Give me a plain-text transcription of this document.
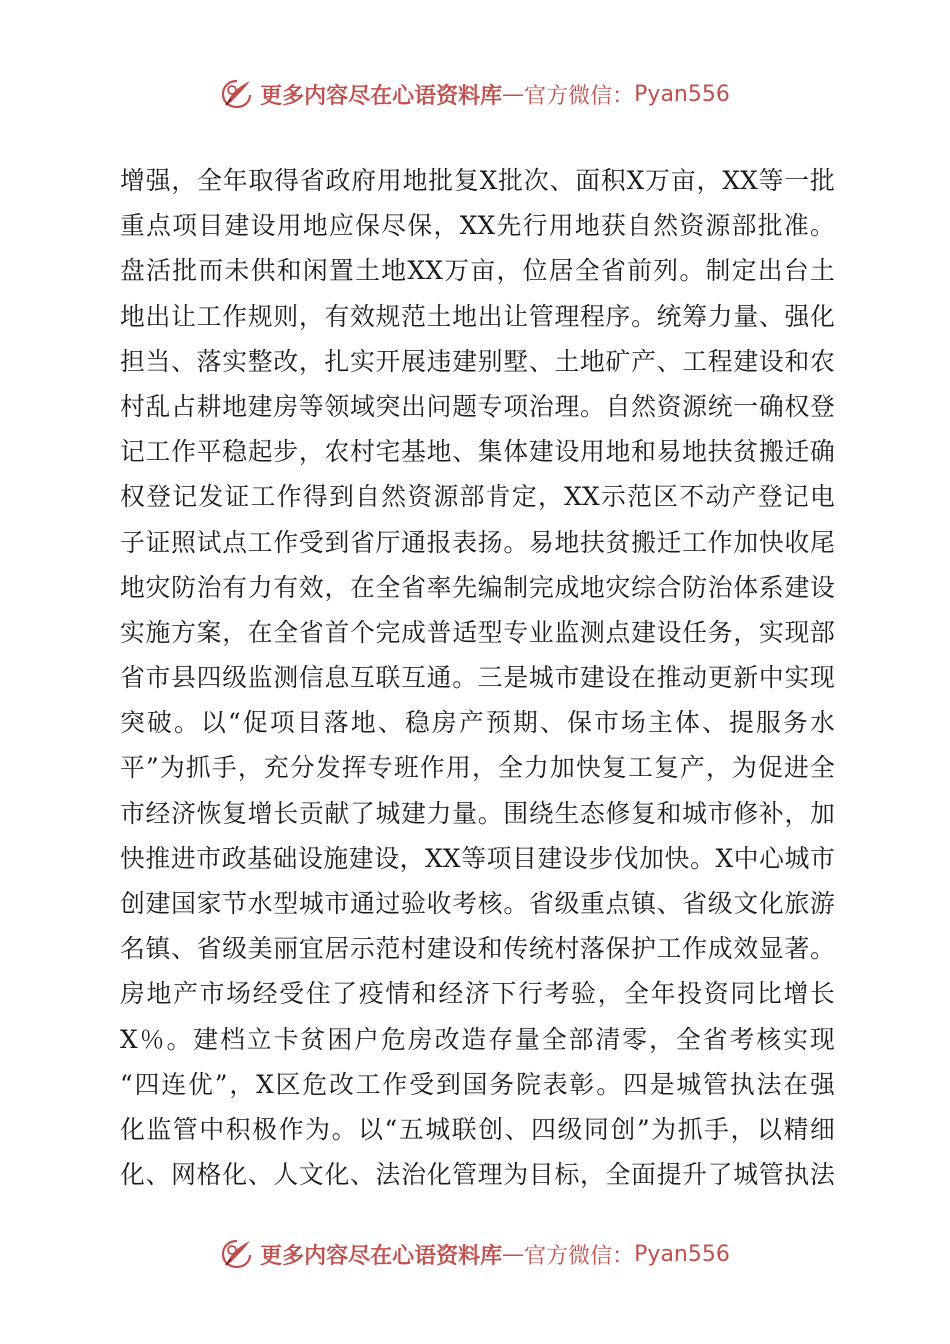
更多内容尽在心语资料库 — 官方微信： Pyan556
增强，全年取得省政府用地批复X批次、面积X万亩，XX等一批
重点项目建设用地应保尽保，XX先行用地获自然资源部批准。
盘活批而未供和闲置土地XX万亩，位居全省前列。制定出台土
地出让工作规则，有效规范土地出让管理程序。统筹力量、强化
担当、落实整改，扎实开展违建别墅、土地矿产、工程建设和农
村乱占耕地建房等领域突出问题专项治理。自然资源统一确权登
记工作平稳起步，农村宅基地、集体建设用地和易地扶贫搬迁确
权登记发证工作得到自然资源部肯定，XX示范区不动产登记电
子证照试点工作受到省厅通报表扬。易地扶贫搬迁工作加快收尾
地灾防治有力有效，在全省率先编制完成地灾综合防治体系建设
实施方案，在全省首个完成普适型专业监测点建设任务，实现部
省市县四级监测信息互联互通。三是城市建设在推动更新中实现
突破。以“促项目落地、稳房产预期、保市场主体、提服务水
平”为抓手，充分发挥专班作用，全力加快复工复产，为促进全
市经济恢复增长贡献了城建力量。围绕生态修复和城市修补，加
快推进市政基础设施建设，XX等项目建设步伐加快。X中心城市
创建国家节水型城市通过验收考核。省级重点镇、省级文化旅游
名镇、省级美丽宜居示范村建设和传统村落保护工作成效显著。
房地产市场经受住了疫情和经济下行考验，全年投资同比增长
X％。建档立卡贫困户危房改造存量全部清零，全省考核实现
“四连优”，X区危改工作受到国务院表彰。四是城管执法在强
化监管中积极作为。以“五城联创、四级同创”为抓手，以精细
化、网格化、人文化、法治化管理为目标，全面提升了城管执法
更多内容尽在心语资料库 — 官方微信： Pyan556
